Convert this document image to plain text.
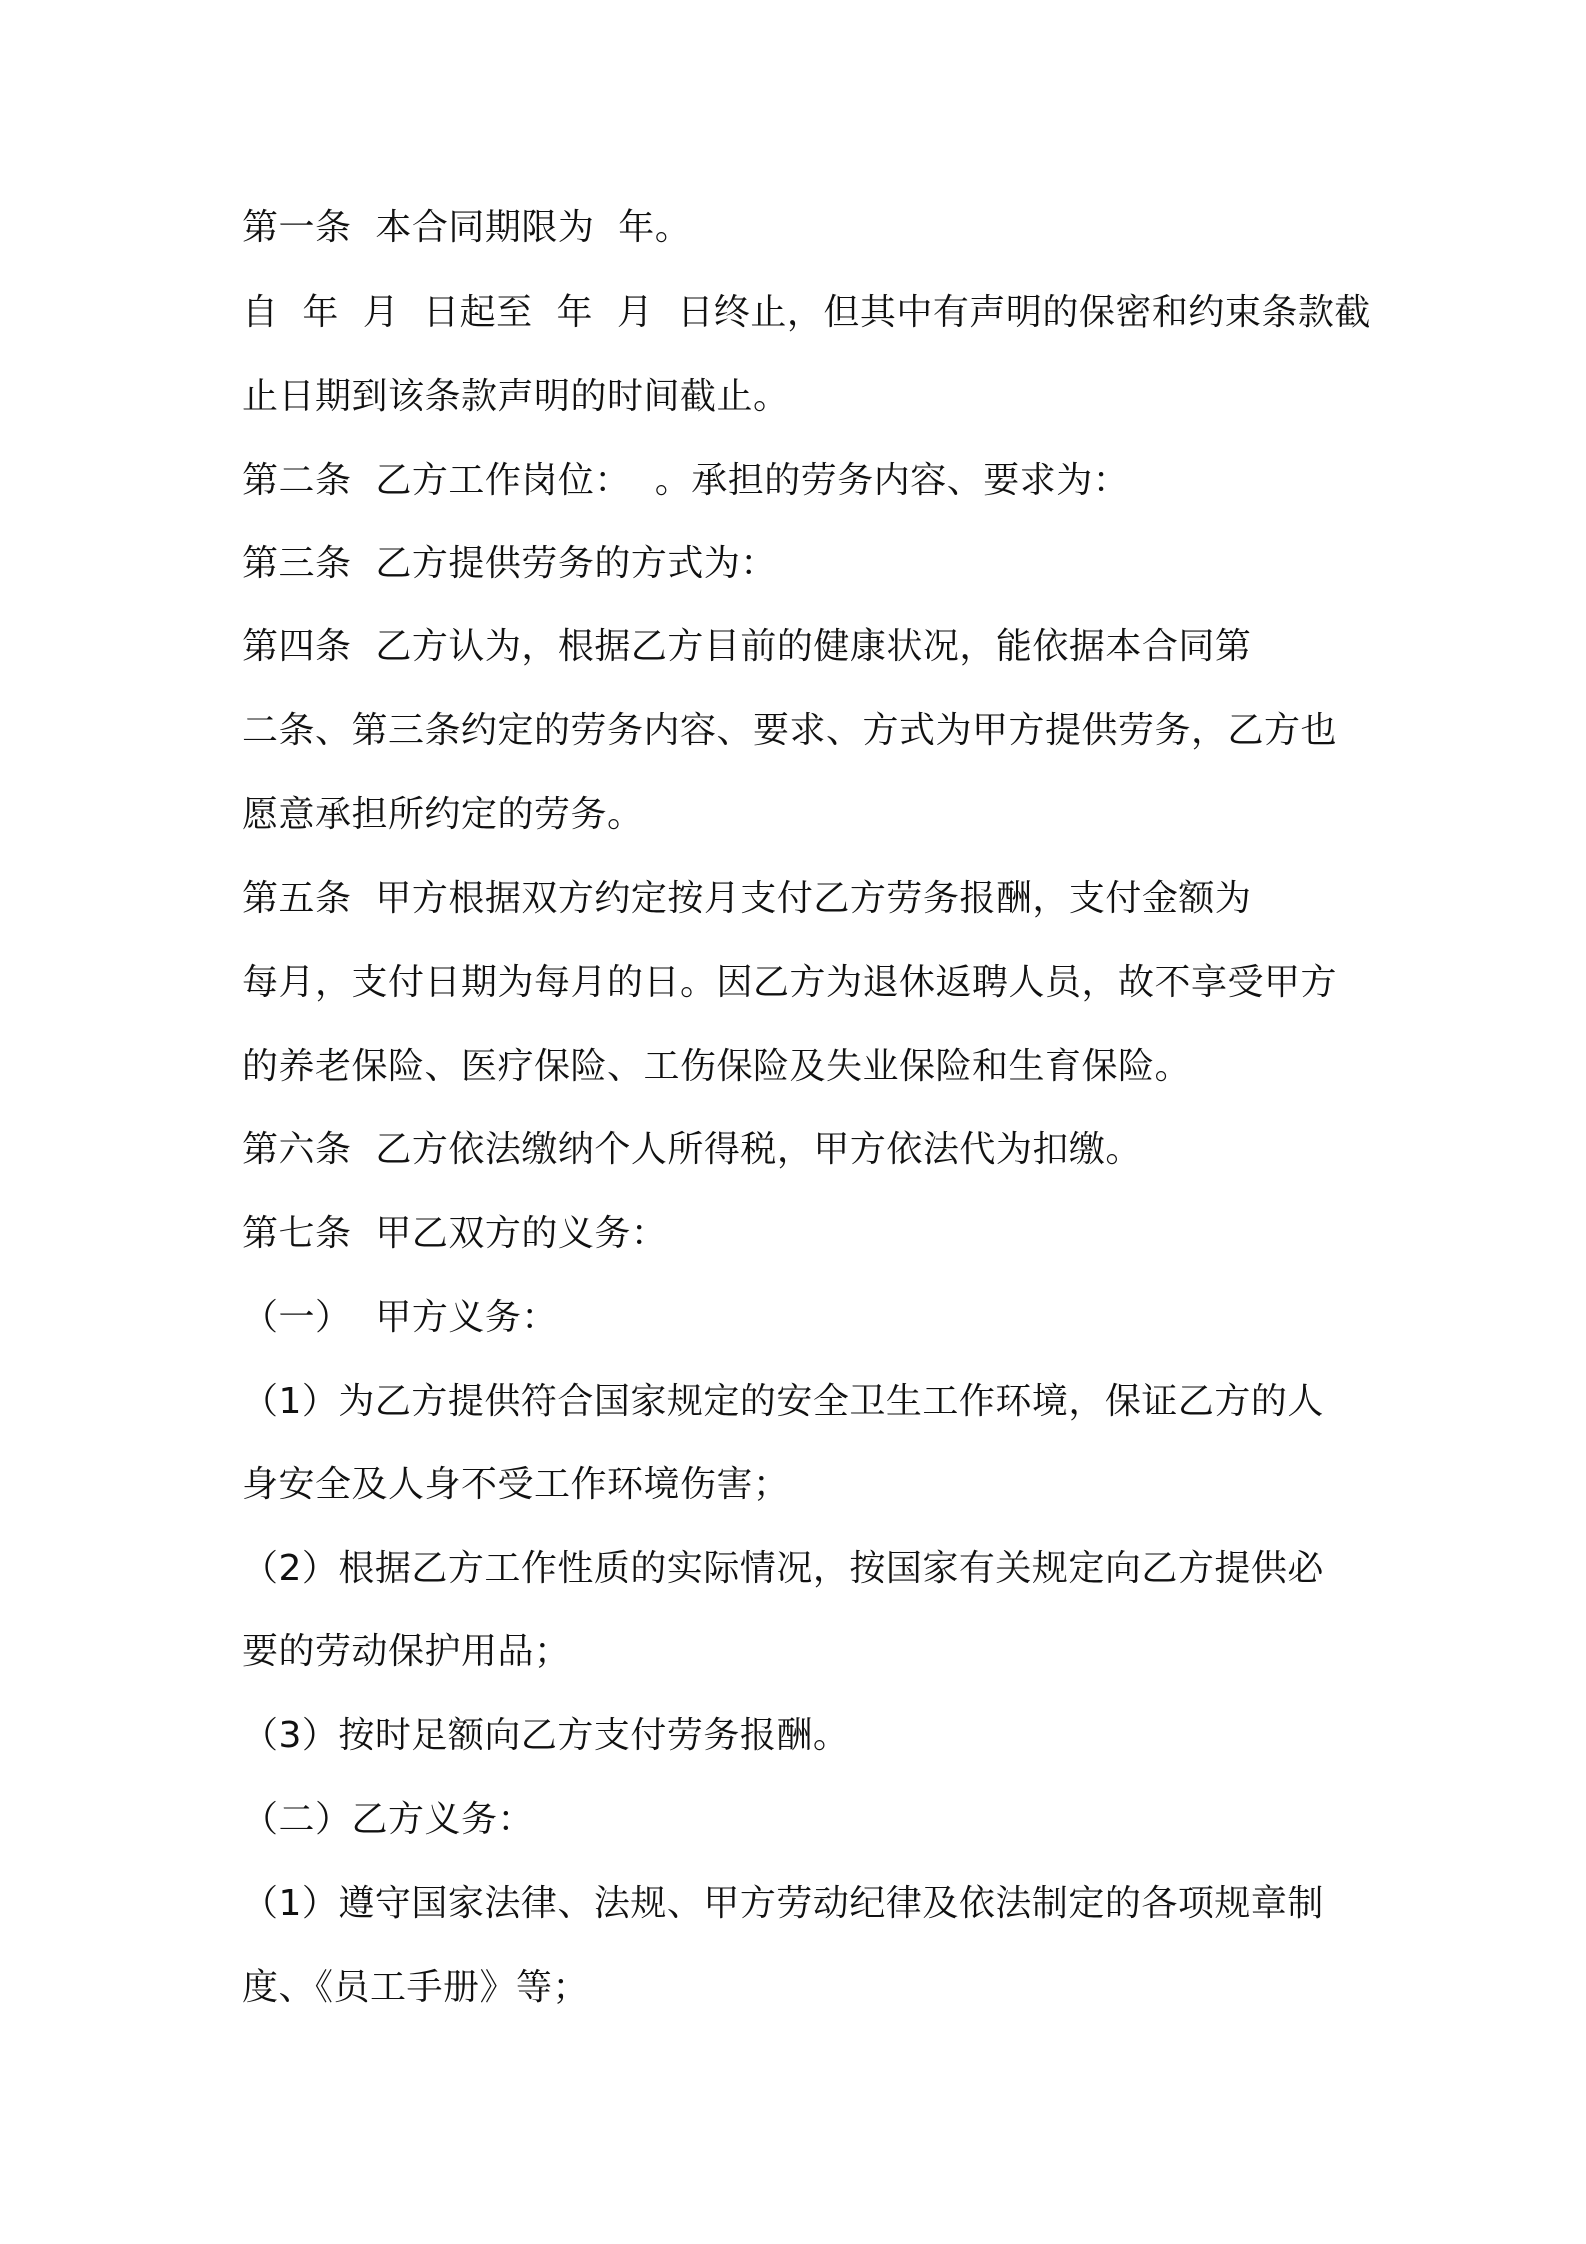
第一条  本合同期限为  年。
自  年  月  日起至  年  月  日终止，但其中有声明的保密和约束条款截
止日期到该条款声明的时间截止。
第二条  乙方工作岗位：  。承担的劳务内容、要求为：
第三条  乙方提供劳务的方式为：
第四条  乙方认为，根据乙方目前的健康状况，能依据本合同第
二条、第三条约定的劳务内容、要求、方式为甲方提供劳务，乙方也
愿意承担所约定的劳务。
第五条  甲方根据双方约定按月支付乙方劳务报酬，支付金额为
每月，支付日期为每月的日。因乙方为退休返聘人员，故不享受甲方
的养老保险、医疗保险、工伤保险及失业保险和生育保险。
第六条  乙方依法缴纳个人所得税，甲方依法代为扣缴。
第七条  甲乙双方的义务：
（一）  甲方义务：
（1）为乙方提供符合国家规定的安全卫生工作环境，保证乙方的人
身安全及人身不受工作环境伤害；
（2）根据乙方工作性质的实际情况，按国家有关规定向乙方提供必
要的劳动保护用品；
（3）按时足额向乙方支付劳务报酬。
（二）乙方义务：
（1）遵守国家法律、法规、甲方劳动纪律及依法制定的各项规章制
度、《员工手册》等；
